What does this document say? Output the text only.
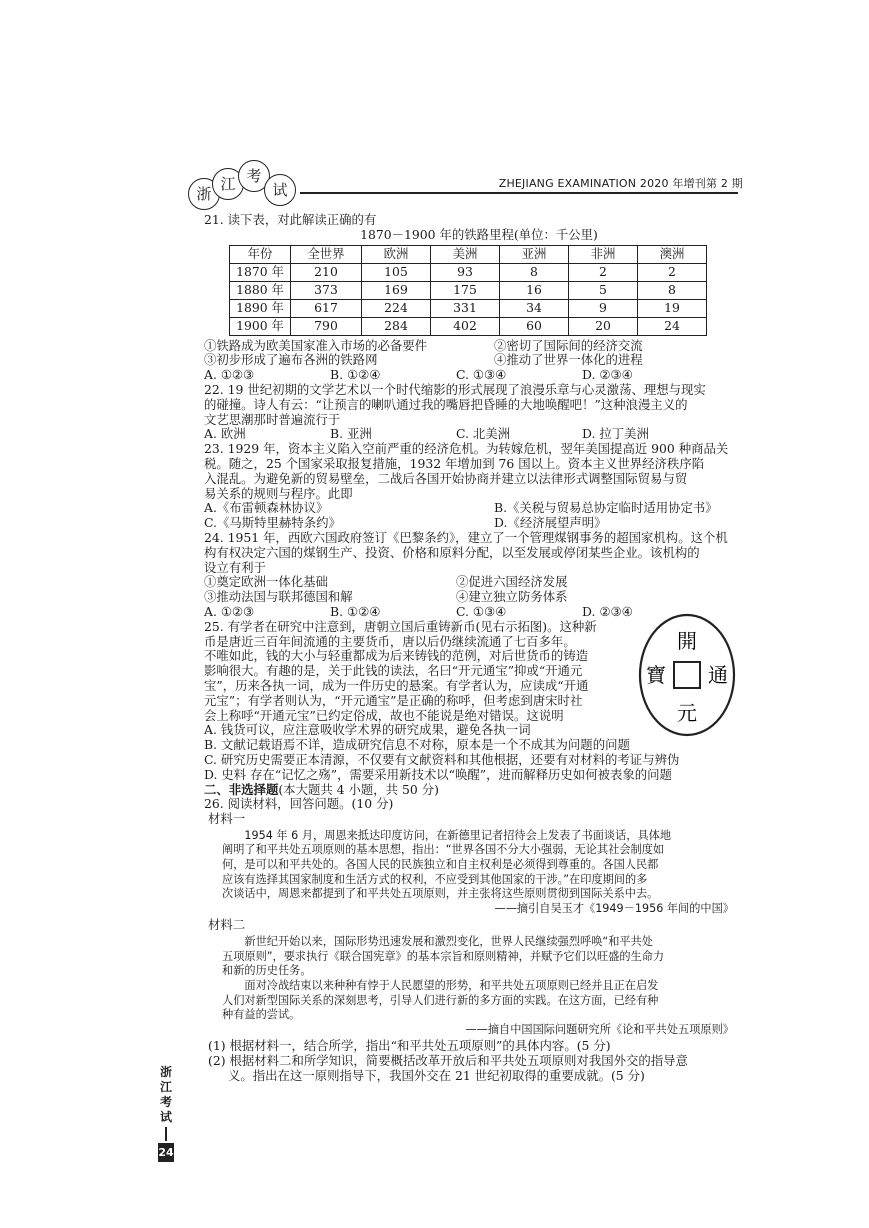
浙
江 考
试	ZHEJIANG EXAMINATION 2020 年增刊第 2 期

21. 读下表，对此解读正确的有

1870－1900 年的铁路里程(单位：千公里)

年份	全世界	欧洲	美洲	亚洲	非洲	澳洲
1870 年	210	105	93	8	2	2
1880 年	373	169	175	16	5	8
1890 年	617	224	331	34	9	19
1900 年	790	284	402	60	20	24
①铁路成为欧美国家准入市场的必备要件	②密切了国际间的经济交流
③初步形成了遍布各洲的铁路网	④推动了世界一体化的进程
A. ①②③	B. ①②④	C. ①③④	D. ②③④

22. 19 世纪初期的文学艺术以一个时代缩影的形式展现了浪漫乐章与心灵激荡、理想与现实

的碰撞。诗人有云：“让预言的喇叭通过我的嘴唇把昏睡的大地唤醒吧！”这种浪漫主义的

文艺思潮那时普遍流行于

A. 欧洲	B. 亚洲	C. 北美洲	D. 拉丁美洲

23. 1929 年，资本主义陷入空前严重的经济危机。为转嫁危机，翌年美国提高近 900 种商品关

税。随之，25 个国家采取报复措施，1932 年增加到 76 国以上。资本主义世界经济秩序陷

入混乱。为避免新的贸易壁垒，二战后各国开始协商并建立以法律形式调整国际贸易与贸

易关系的规则与程序。此即

A.《布雷顿森林协议》	B.《关税与贸易总协定临时适用协定书》
C.《马斯特里赫特条约》	D.《经济展望声明》

24. 1951 年，西欧六国政府签订《巴黎条约》，建立了一个管理煤钢事务的超国家机构。这个机

构有权决定六国的煤钢生产、投资、价格和原料分配，以至发展或停闭某些企业。该机构的

设立有利于

①奠定欧洲一体化基础	②促进六国经济发展
③推动法国与联邦德国和解	④建立独立防务体系
A. ①②③	B. ①②④	C. ①③④	D. ②③④

25. 有学者在研究中注意到，唐朝立国后重铸新币(见右示拓图)。这种新

币是唐近三百年间流通的主要货币，唐以后仍继续流通了七百多年。

不唯如此，钱的大小与轻重都成为后来铸钱的范例，对后世货币的铸造

影响很大。有趣的是，关于此钱的读法，名曰“开元通宝”抑或“开通元

宝”，历来各执一词，成为一件历史的悬案。有学者认为，应读成“开通

元宝”；有学者则认为，“开元通宝”是正确的称呼，但考虑到唐宋时社

会上称呼“开通元宝”已约定俗成，故也不能说是绝对错误。这说明

A. 钱货可议，应注意吸收学术界的研究成果，避免各执一词

B. 文献记载语焉不详，造成研究信息不对称，原本是一个不成其为问题的问题

C. 研究历史需要正本清源，不仅要有文献资料和其他根据，还要有对材料的考证与辨伪

D. 史料 存在“记忆之殇”，需要采用新技术以“唤醒”，进而解释历史如何被表象的问题

二、非选择题(本大题共 4 小题，共 50 分)

26. 阅读材料，回答问题。(10 分)

材料一

1954 年 6 月，周恩来抵达印度访问，在新德里记者招待会上发表了书面谈话，具体地
阐明了和平共处五项原则的基本思想，指出：“世界各国不分大小强弱，无论其社会制度如
何，是可以和平共处的。各国人民的民族独立和自主权利是必须得到尊重的。各国人民都
应该有选择其国家制度和生活方式的权利，不应受到其他国家的干涉。”在印度期间的多
次谈话中，周恩来都提到了和平共处五项原则，并主张将这些原则贯彻到国际关系中去。
——摘引自吴玉才《1949－1956 年间的中国》

材料二

新世纪开始以来，国际形势迅速发展和激烈变化，世界人民继续强烈呼唤“和平共处
五项原则”，要求执行《联合国宪章》的基本宗旨和原则精神，并赋予它们以旺盛的生命力
和新的历史任务。
面对冷战结束以来种种有悖于人民愿望的形势，和平共处五项原则已经并且正在启发
人们对新型国际关系的深刻思考，引导人们进行新的多方面的实践。在这方面，已经有种
种有益的尝试。
——摘自中国国际问题研究所《论和平共处五项原则》

(1) 根据材料一，结合所学，指出“和平共处五项原则”的具体内容。(5 分)

(2) 根据材料二和所学知识，简要概括改革开放后和平共处五项原则对我国外交的指导意

义。指出在这一原则指导下，我国外交在 21 世纪初取得的重要成就。(5 分)

開
通
元
寶
浙
江
考
试
24
